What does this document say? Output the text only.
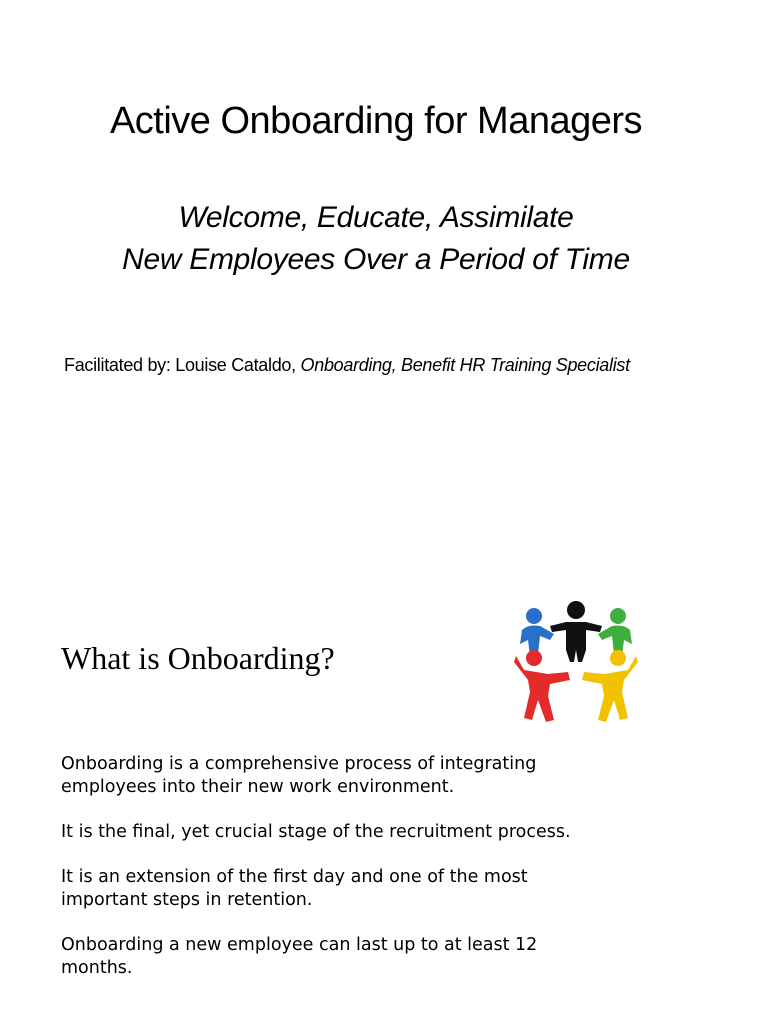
Active Onboarding for Managers
Welcome, Educate, Assimilate
New Employees Over a Period of Time
Facilitated by: Louise Cataldo, Onboarding, Benefit HR Training Specialist
What is Onboarding?

Onboarding is a comprehensive process of integrating employees into their new work environment.

It is the final, yet crucial stage of the recruitment process.

It is an extension of the first day and one of the most important steps in retention.

Onboarding a new employee can last up to at least 12 months.
